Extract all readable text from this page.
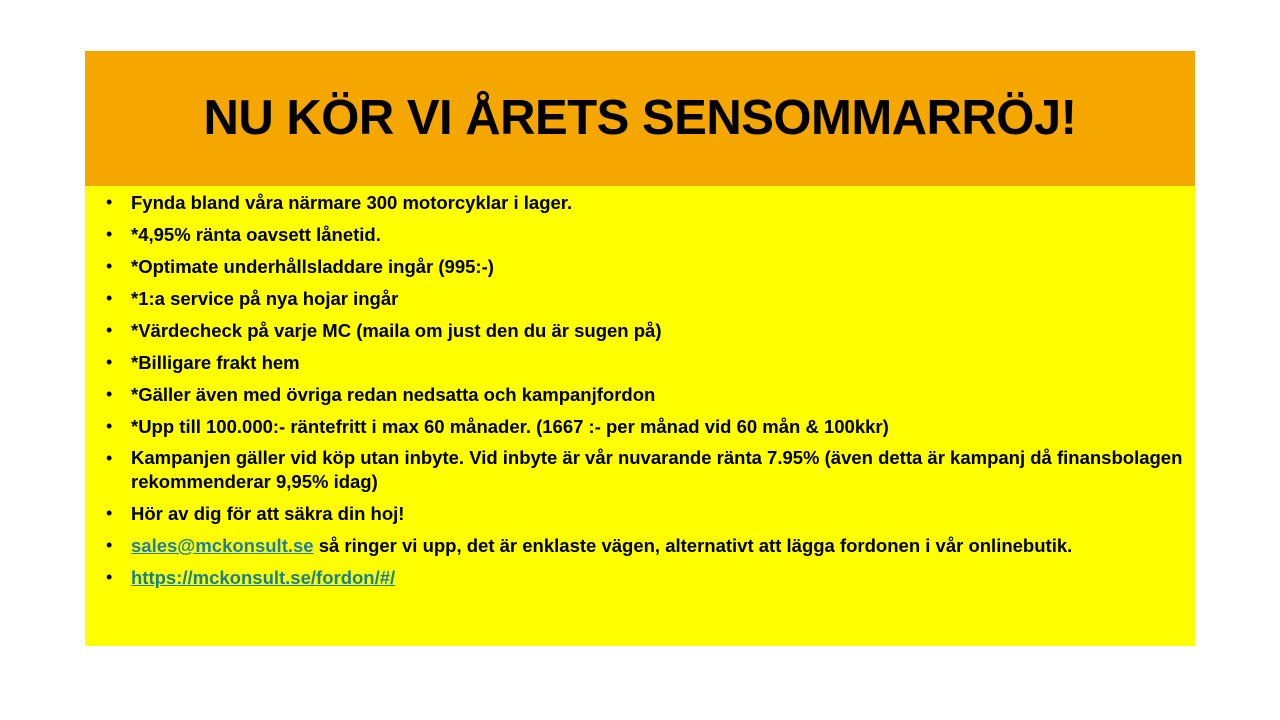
NU KÖR VI ÅRETS SENSOMMARRÖJ!
•	Fynda bland våra närmare 300 motorcyklar i lager.
•	*4,95% ränta oavsett lånetid.
•	*Optimate underhållsladdare ingår (995:-)
•	*1:a service på nya hojar ingår
•	*Värdecheck på varje MC (maila om just den du är sugen på)
•	*Billigare frakt hem
•	*Gäller även med övriga redan nedsatta och kampanjfordon
•	*Upp till 100.000:- räntefritt i max 60 månader. (1667 :- per månad vid 60 mån & 100kkr)
•	Kampanjen gäller vid köp utan inbyte. Vid inbyte är vår nuvarande ränta 7.95% (även detta är kampanj då finansbolagen rekommenderar 9,95% idag)
•	Hör av dig för att säkra din hoj!
•	sales@mckonsult.se så ringer vi upp, det är enklaste vägen, alternativt att lägga fordonen i vår onlinebutik.
•	https://mckonsult.se/fordon/#/
